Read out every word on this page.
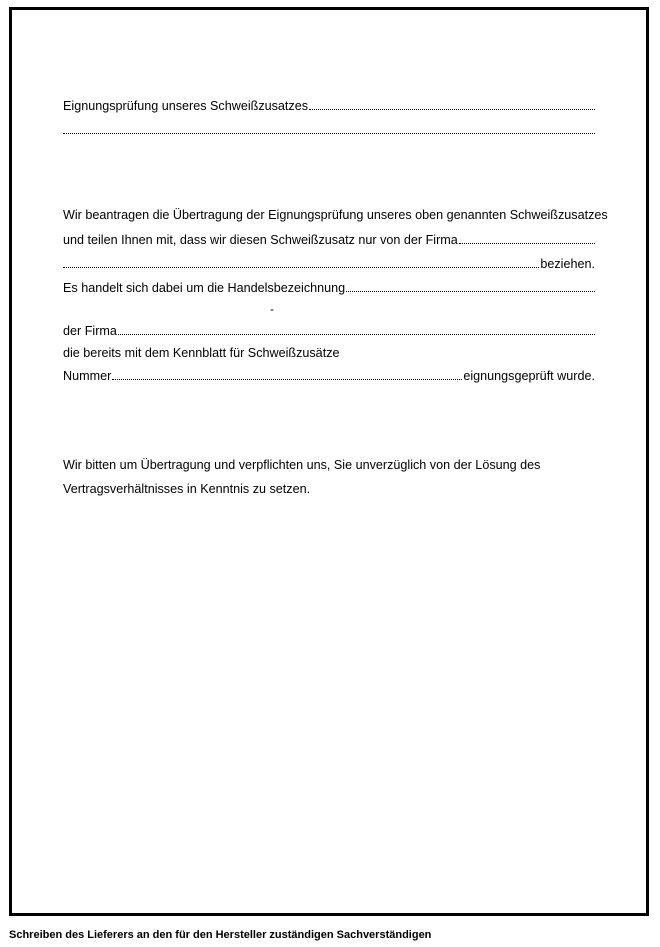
Eignungsprüfung unseres Schweißzusatzes
Wir beantragen die Übertragung der Eignungsprüfung unseres oben genannten Schweißzusatzes
und teilen Ihnen mit, dass wir diesen Schweißzusatz nur von der Firma
beziehen.
Es handelt sich dabei um die Handelsbezeichnung
-
der Firma
die bereits mit dem Kennblatt für Schweißzusätze
Nummer	eignungsgeprüft wurde.
Wir bitten um Übertragung und verpflichten uns, Sie unverzüglich von der Lösung des
Vertragsverhältnisses in Kenntnis zu setzen.
Schreiben des Lieferers an den für den Hersteller zuständigen Sachverständigen
